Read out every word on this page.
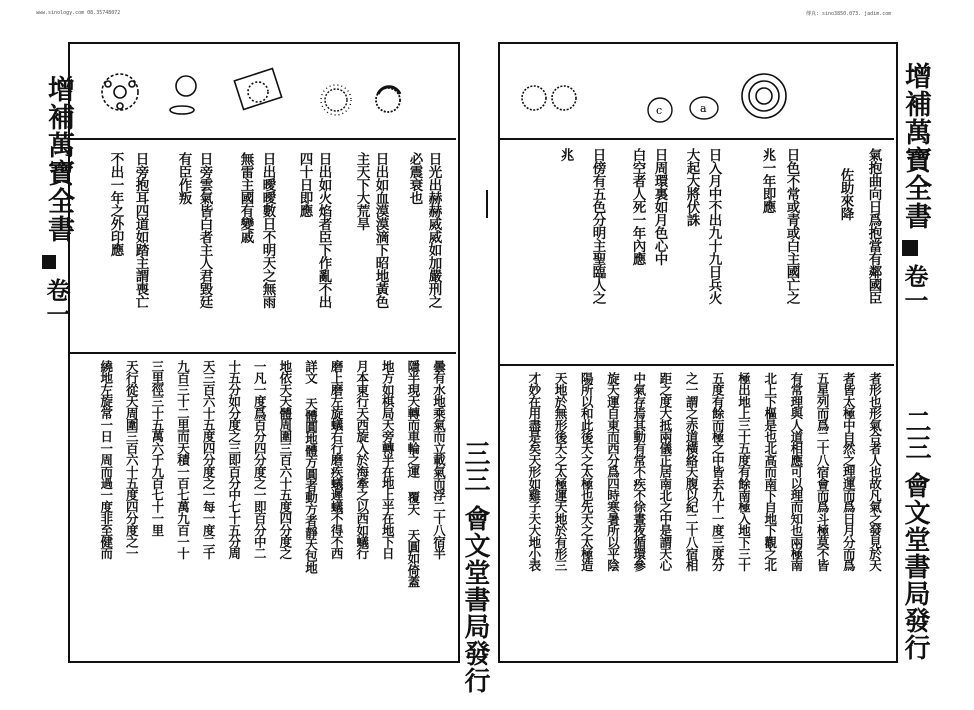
www.sinology.com 08.35748072	傳真: sino3850.073. jadim.com
增補萬寶全書
卷一	日光出赫赫烕烕如加嚴刑之
必震衰也
日出如血漠漠滴下昭地黃色
主天下大荒旱
日出如火焰者臣下作亂不出
四十日即應
日出曖曖數日不明天之無雨
無雷主國有變戚
日旁雲氣皆白者主人君毀廷
有臣作叛
日旁抱耳四道如踏主謂喪亡
不出一年之外印應
曇有水地乘氣而立載氣而浮二十八宿半
隱半現天轉而車輪之運 覆天 天圓如倚蓋
地方如棋局天旁轉半在地上半在地下日
月本東行天西旋入於海牽之以西如蟻行
磨上磨左旋蟻右行磨疾蟻遲蟻不得不西
詳文 天體圓地體方圓者動方者靜天包地
地依天天體周圍三百六十五度四分度之
一凡一度爲百分四分度之一即百分中二
十五分如分度之三即百分中七十五分周
天三百六十五度四分度之一每一度二千
九百三十二里而天積一百七萬九百一十
三里徑三十五萬六千九百七十一里
天行從天周圍三百六十五度四分度之一
繞地左旋常一日一周而過一度非至健而	三三
會文堂書局發行
c	a
氣抱曲向日爲抱當有鄰國臣
佐助來降
日色不常或青或白主國亡之
兆一年即應
日入月中不出九十九日兵火
大起大將伏誅
日周環裏如月色心中
白空者人死一年內應
日傍有五色分明主聖臨人之
兆
者形也形氣合者人也故凡氣之發見於天
者皆太極中自然之理運而爲日月分而爲
五星列而爲二十八宿會而爲斗極莫不皆
有常理與人道相應可以理而知也兩極南
北上下樞是也北高而南下自地下觀之北
極出地上三十五度有餘南極入地下三十
五度有餘而極之中皆去九十一度三度分
之一謂之赤道橫絡天腹以紀二十八宿相
距之度大抵兩儀正居南北之中是謂天心
中氣存焉其動有常不疾不徐晝夜循環參
旋天運自東而西分爲四時寒暑所以平陰
陽所以和此後天之太極也先天之太極造
天地於無形後天之太極運天地於有形三
才妙在用盡是矣天形如雞子天大地小表
增補萬寶全書
卷一
二三
會文堂書局發行
